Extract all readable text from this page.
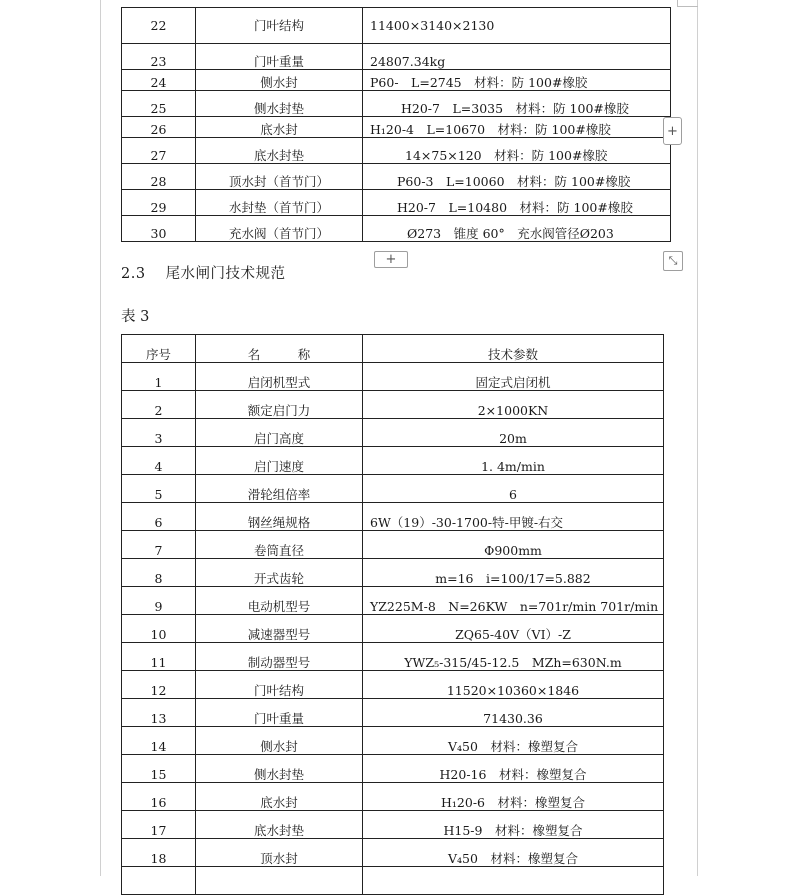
22	门叶结构	11400×3140×2130
23	门叶重量	24807.34kg
24	侧水封	P60-　L=2745　材料：防 100#橡胶
25	侧水封垫	H20-7　L=3035　材料：防 100#橡胶
26	底水封	H₁20-4　L=10670　材料：防 100#橡胶
27	底水封垫	14×75×120　材料：防 100#橡胶
28	顶水封（首节门）	P60-3　L=10060　材料：防 100#橡胶
29	水封垫（首节门）	H20-7　L=10480　材料：防 100#橡胶
30	充水阀（首节门）	Ø273　锥度 60°　充水阀管径Ø203
+
+	⤡
2.3 尾水闸门技术规范

表 3

序号	名　　　称	技术参数
1	启闭机型式	固定式启闭机
2	额定启门力	2×1000KN
3	启门高度	20m
4	启门速度	1. 4m/min
5	滑轮组倍率	6
6	钢丝绳规格	6W（19）-30-1700-特-甲镀-右交
7	卷筒直径	Φ900mm
8	开式齿轮	m=16　i=100/17=5.882
9	电动机型号	YZ225M-8　N=26KW　n=701r/min 701r/min
10	减速器型号	ZQ65-40V（VI）-Z
11	制动器型号	YWZ₅-315/45-12.5　MZh=630N.m
12	门叶结构	11520×10360×1846
13	门叶重量	71430.36
14	侧水封	V₄50　材料：橡塑复合
15	侧水封垫	H20-16　材料：橡塑复合
16	底水封	H₁20-6　材料：橡塑复合
17	底水封垫	H15-9　材料：橡塑复合
18	顶水封	V₄50　材料：橡塑复合
